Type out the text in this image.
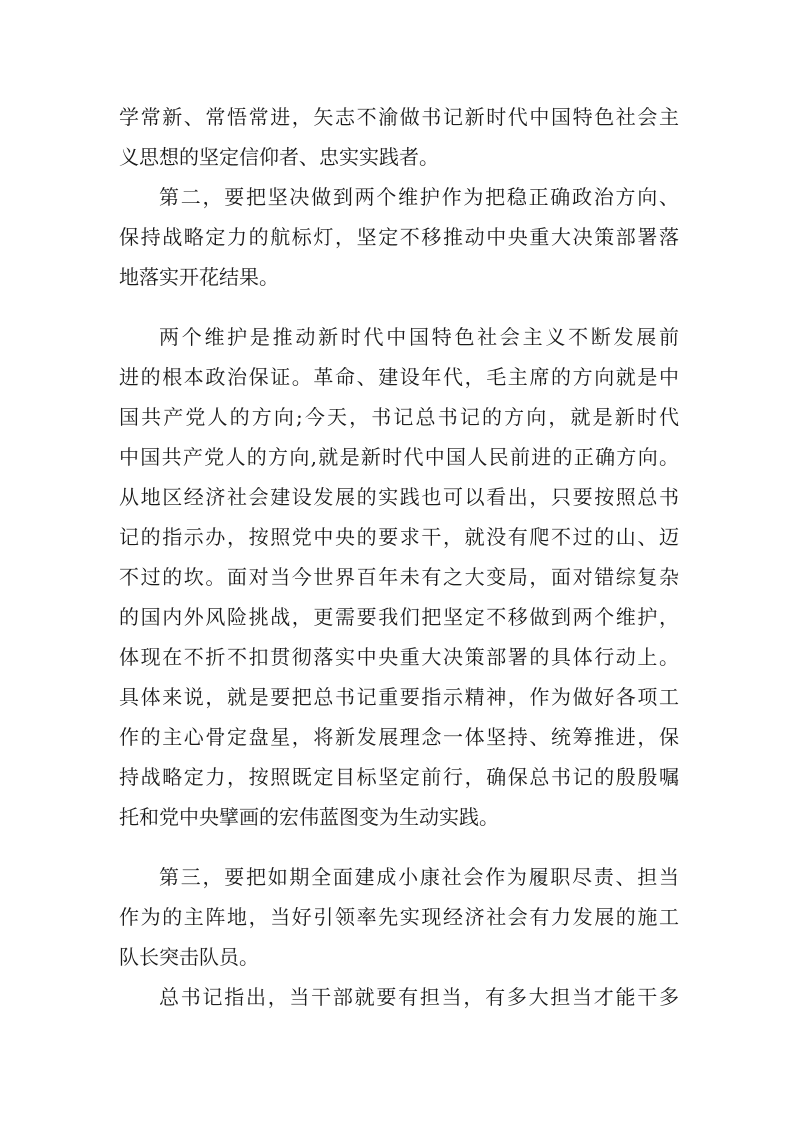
学常新、常悟常进，矢志不渝做书记新时代中国特色社会主
义思想的坚定信仰者、忠实实践者。
第二，要把坚决做到两个维护作为把稳正确政治方向、
保持战略定力的航标灯，坚定不移推动中央重大决策部署落
地落实开花结果。
两个维护是推动新时代中国特色社会主义不断发展前
进的根本政治保证。革命、建设年代，毛主席的方向就是中
国共产党人的方向;今天，书记总书记的方向，就是新时代
中国共产党人的方向,就是新时代中国人民前进的正确方向。
从地区经济社会建设发展的实践也可以看出，只要按照总书
记的指示办，按照党中央的要求干，就没有爬不过的山、迈
不过的坎。面对当今世界百年未有之大变局，面对错综复杂
的国内外风险挑战，更需要我们把坚定不移做到两个维护，
体现在不折不扣贯彻落实中央重大决策部署的具体行动上。
具体来说，就是要把总书记重要指示精神，作为做好各项工
作的主心骨定盘星，将新发展理念一体坚持、统筹推进，保
持战略定力，按照既定目标坚定前行，确保总书记的殷殷嘱
托和党中央擘画的宏伟蓝图变为生动实践。
第三，要把如期全面建成小康社会作为履职尽责、担当
作为的主阵地，当好引领率先实现经济社会有力发展的施工
队长突击队员。
总书记指出，当干部就要有担当，有多大担当才能干多
